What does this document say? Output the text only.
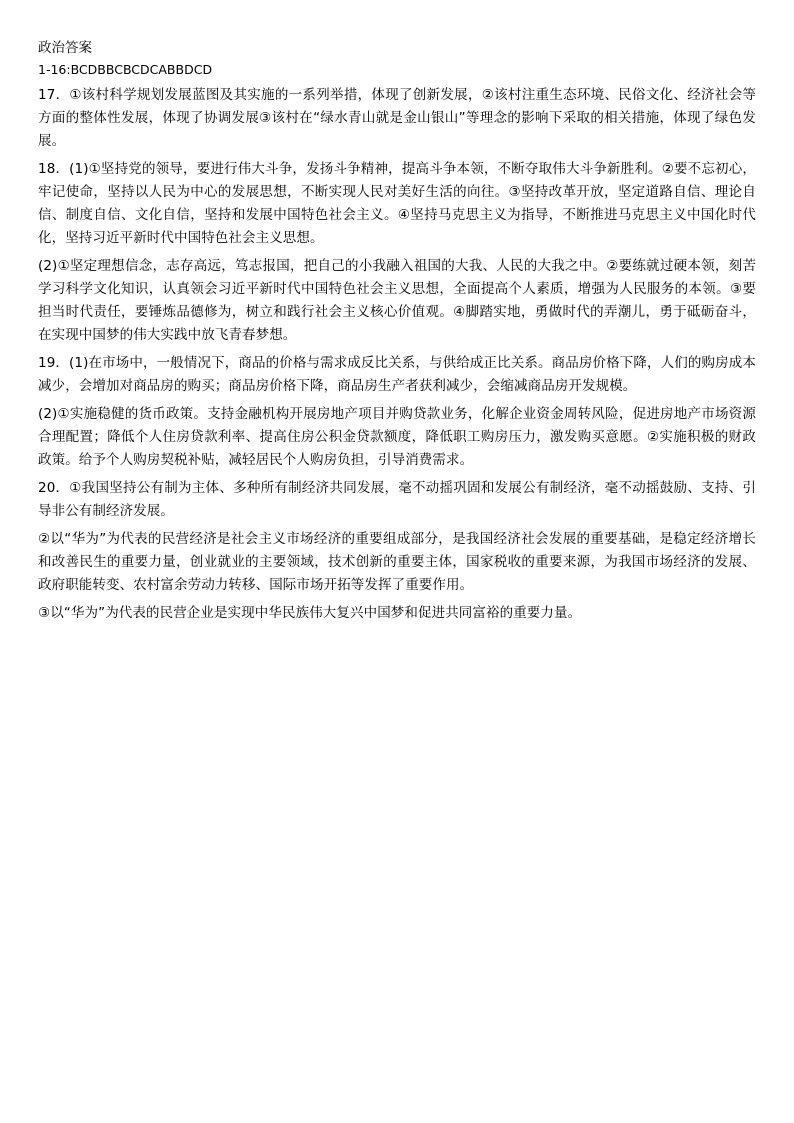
政治答案
1-16:BCDBBCBCDCABBDCD
17．①该村科学规划发展蓝图及其实施的一系列举措，体现了创新发展，②该村注重生态环境、民俗文化、经济社会等方面的整体性发展，体现了协调发展③该村在“绿水青山就是金山银山”等理念的影响下采取的相关措施，体现了绿色发展。
18．(1)①坚持党的领导，要进行伟大斗争，发扬斗争精神，提高斗争本领，不断夺取伟大斗争新胜利。②要不忘初心，牢记使命，坚持以人民为中心的发展思想，不断实现人民对美好生活的向往。③坚持改革开放，坚定道路自信、理论自信、制度自信、文化自信，坚持和发展中国特色社会主义。④坚持马克思主义为指导，不断推进马克思主义中国化时代化，坚持习近平新时代中国特色社会主义思想。
(2)①坚定理想信念，志存高远，笃志报国，把自己的小我融入祖国的大我、人民的大我之中。②要练就过硬本领，刻苦学习科学文化知识，认真领会习近平新时代中国特色社会主义思想，全面提高个人素质，增强为人民服务的本领。③要担当时代责任，要锤炼品德修为，树立和践行社会主义核心价值观。④脚踏实地，勇做时代的弄潮儿，勇于砥砺奋斗，在实现中国梦的伟大实践中放飞青春梦想。
19．(1)在市场中，一般情况下，商品的价格与需求成反比关系，与供给成正比关系。商品房价格下降，人们的购房成本减少，会增加对商品房的购买；商品房价格下降，商品房生产者获利减少，会缩减商品房开发规模。
(2)①实施稳健的货币政策。支持金融机构开展房地产项目并购贷款业务，化解企业资金周转风险，促进房地产市场资源合理配置；降低个人住房贷款利率、提高住房公积金贷款额度，降低职工购房压力，激发购买意愿。②实施积极的财政政策。给予个人购房契税补贴，减轻居民个人购房负担，引导消费需求。
20．①我国坚持公有制为主体、多种所有制经济共同发展，毫不动摇巩固和发展公有制经济，毫不动摇鼓励、支持、引导非公有制经济发展。
②以“华为”为代表的民营经济是社会主义市场经济的重要组成部分，是我国经济社会发展的重要基础，是稳定经济增长和改善民生的重要力量，创业就业的主要领域，技术创新的重要主体，国家税收的重要来源，为我国市场经济的发展、政府职能转变、农村富余劳动力转移、国际市场开拓等发挥了重要作用。
③以“华为”为代表的民营企业是实现中华民族伟大复兴中国梦和促进共同富裕的重要力量。
